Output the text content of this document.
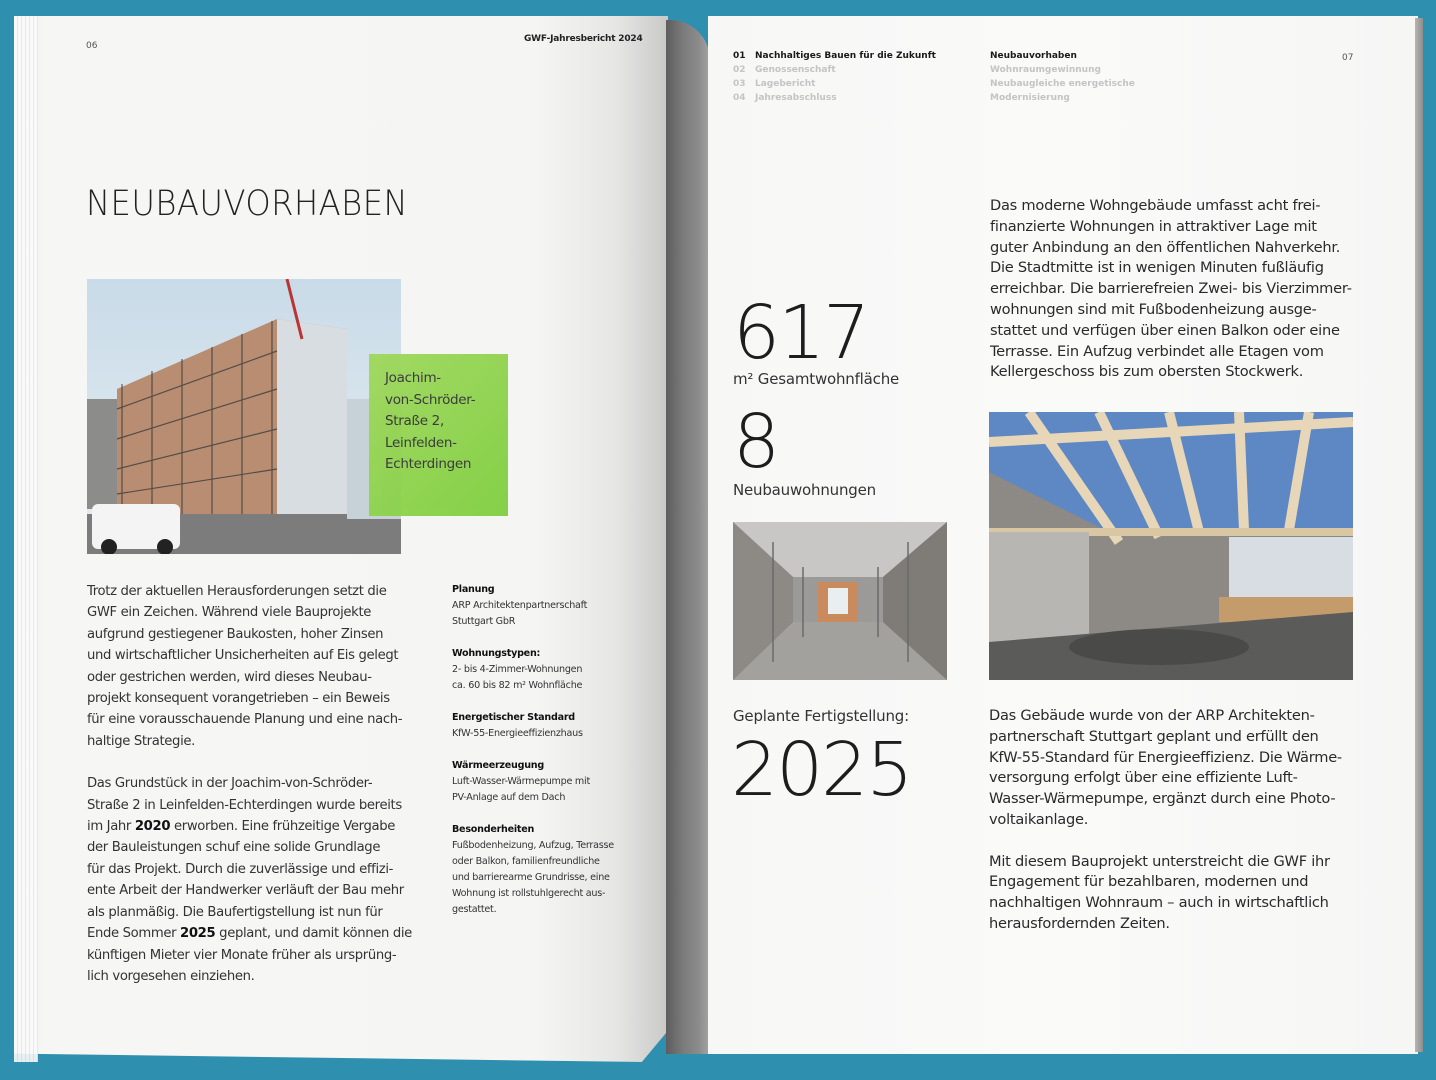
06
GWF-Jahresbericht 2024
NEUBAUVORHABEN
Joachim-
von-Schröder-
Straße 2,
Leinfelden-
Echterdingen

Trotz der aktuellen Herausforderungen setzt die
GWF ein Zeichen. Während viele Bauprojekte
aufgrund gestiegener Baukosten, hoher Zinsen
und wirtschaftlicher Unsicherheiten auf Eis gelegt
oder gestrichen werden, wird dieses Neubau-
projekt konsequent vorangetrieben – ein Beweis
für eine vorausschauende Planung und eine nach-
haltige Strategie.

Das Grundstück in der Joachim-von-Schröder-
Straße 2 in Leinfelden-Echterdingen wurde bereits
im Jahr 2020 erworben. Eine frühzeitige Vergabe
der Bauleistungen schuf eine solide Grundlage
für das Projekt. Durch die zuverlässige und effizi-
ente Arbeit der Handwerker verläuft der Bau mehr
als planmäßig. Die Baufertigstellung ist nun für
Ende Sommer 2025 geplant, und damit können die
künftigen Mieter vier Monate früher als ursprüng-
lich vorgesehen einziehen.

Planung
ARP Architektenpartnerschaft
Stuttgart GbR
Wohnungstypen:
2- bis 4-Zimmer-Wohnungen
ca. 60 bis 82 m² Wohnfläche
Energetischer Standard
KfW-55-Energieeffizienzhaus
Wärmeerzeugung
Luft-Wasser-Wärmepumpe mit
PV-Anlage auf dem Dach
Besonderheiten
Fußbodenheizung, Aufzug, Terrasse
oder Balkon, familienfreundliche
und barrierearme Grundrisse, eine
Wohnung ist rollstuhlgerecht aus-
gestattet.
01 Nachhaltiges Bauen für die Zukunft
02 Genossenschaft
03 Lagebericht
04 Jahresabschluss
Neubauvorhaben
Wohnraumgewinnung
Neubaugleiche energetische
Modernisierung
07
617
m² Gesamtwohnfläche
8
Neubauwohnungen
Geplante Fertigstellung:
2025
Das moderne Wohngebäude umfasst acht frei-
finanzierte Wohnungen in attraktiver Lage mit
guter Anbindung an den öffentlichen Nahverkehr.
Die Stadtmitte ist in wenigen Minuten fußläufig
erreichbar. Die barrierefreien Zwei- bis Vierzimmer-
wohnungen sind mit Fußbodenheizung ausge-
stattet und verfügen über einen Balkon oder eine
Terrasse. Ein Aufzug verbindet alle Etagen vom
Kellergeschoss bis zum obersten Stockwerk.

Das Gebäude wurde von der ARP Architekten-
partnerschaft Stuttgart geplant und erfüllt den
KfW-55-Standard für Energieeffizienz. Die Wärme-
versorgung erfolgt über eine effiziente Luft-
Wasser-Wärmepumpe, ergänzt durch eine Photo-
voltaikanlage.

Mit diesem Bauprojekt unterstreicht die GWF ihr
Engagement für bezahlbaren, modernen und
nachhaltigen Wohnraum – auch in wirtschaftlich
herausfordernden Zeiten.
